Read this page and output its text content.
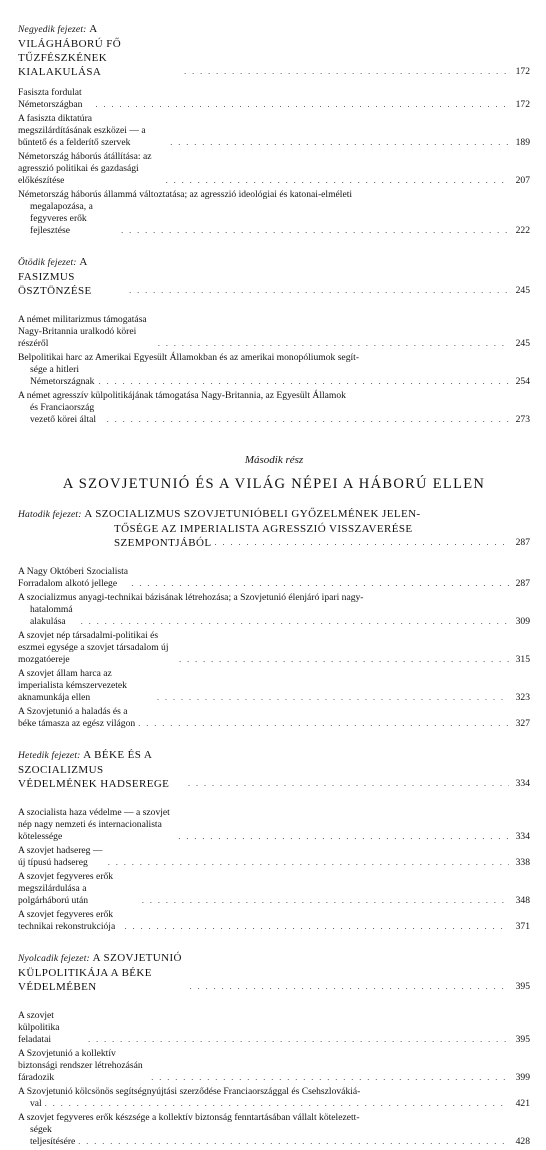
Negyedik fejezet: A VILÁGHÁBORÚ FŐ TŰZFÉSZKÉNEK KIALAKULÁSA . . .	172
Fasiszta fordulat Németországban . . .	172
A fasiszta diktatúra megszilárdításának eszközei — a bűntető és a felderítő szervek . . .	189
Németország háborús átállítása: az agresszió politikai és gazdasági előkészítése . . .	207
Németország háborús állammá változtatása; az agresszió ideológiai és katonai-elméleti
megalapozása, a fegyveres erők fejlesztése . . .	222
Ötödik fejezet: A FASIZMUS ÖSZTÖNZÉSE . . .	245
A német militarizmus támogatása Nagy-Britannia uralkodó körei részéről . . .	245
Belpolitikai harc az Amerikai Egyesült Államokban és az amerikai monopóliumok segít-
sége a hitleri Németországnak . . .	254
A német agresszív külpolitikájának támogatása Nagy-Britannia, az Egyesült Államok
és Franciaország vezető körei által . . .	273
Második rész
A SZOVJETUNIÓ ÉS A VILÁG NÉPEI A HÁBORÚ ELLEN
Hatodik fejezet: A SZOCIALIZMUS SZOVJETUNIÓBELI GYŐZELMÉNEK JELEN-
TŐSÉGE AZ IMPERIALISTA AGRESSZIÓ VISSZAVERÉSE
SZEMPONTJÁBÓL . . .	287
A Nagy Októberi Szocialista Forradalom alkotó jellege . . .	287
A szocializmus anyagi-technikai bázisának létrehozása; a Szovjetunió élenjáró ipari nagy-
hatalommá alakulása . . .	309
A szovjet nép társadalmi-politikai és eszmei egysége a szovjet társadalom új mozgatóereje . . .	315
A szovjet állam harca az imperialista kémszervezetek aknamunkája ellen . . .	323
A Szovjetunió a haladás és a béke támasza az egész világon . . .	327
Hetedik fejezet: A BÉKE ÉS A SZOCIALIZMUS VÉDELMÉNEK HADSEREGE . . .	334
A szocialista haza védelme — a szovjet nép nagy nemzeti és internacionalista kötelessége . . .	334
A szovjet hadsereg — új típusú hadsereg . . .	338
A szovjet fegyveres erők megszilárdulása a polgárháború után . . .	348
A szovjet fegyveres erők technikai rekonstrukciója . . .	371
Nyolcadik fejezet: A SZOVJETUNIÓ KÜLPOLITIKÁJA A BÉKE VÉDELMÉBEN . . .	395
A szovjet külpolitika feladatai . . .	395
A Szovjetunió a kollektív biztonsági rendszer létrehozásán fáradozik . . .	399
A Szovjetunió kölcsönös segítségnyújtási szerződése Franciaországgal és Csehszlovákiá-
val . . .	421
A szovjet fegyveres erők készsége a kollektív biztonság fenntartásában vállalt kötelezett-
ségek teljesítésére . . .	428
